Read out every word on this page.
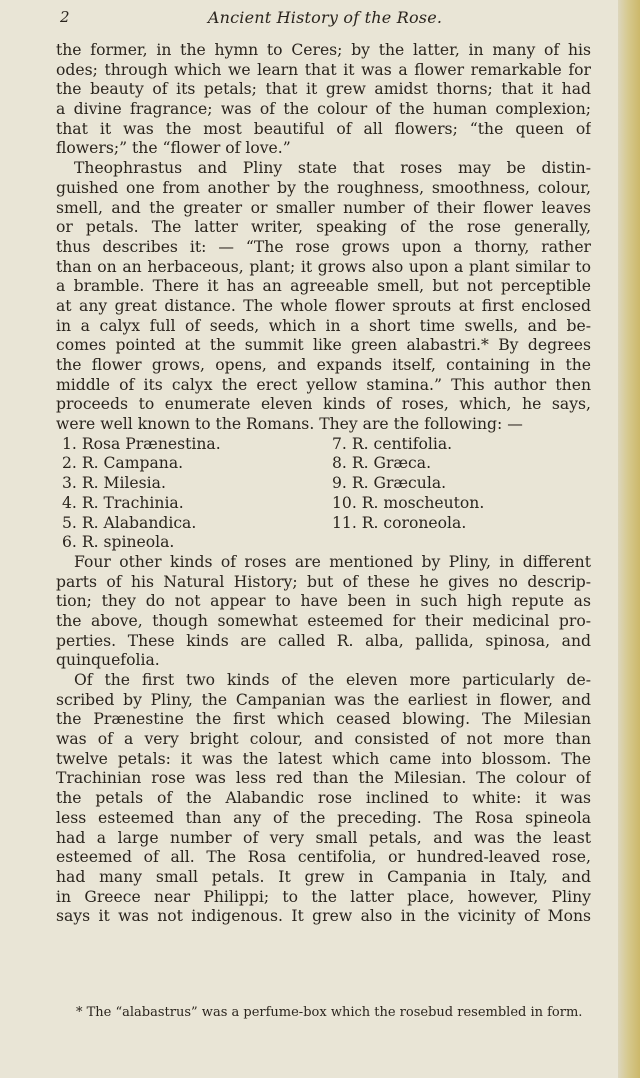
2	Ancient History of the Rose.
the former, in the hymn to Ceres; by the latter, in many of his
odes; through which we learn that it was a flower remarkable for
the beauty of its petals; that it grew amidst thorns; that it had
a divine fragrance; was of the colour of the human complexion;
that it was the most beautiful of all flowers; “the queen of
flowers;” the “flower of love.”
Theophrastus and Pliny state that roses may be distin-
guished one from another by the roughness, smoothness, colour,
smell, and the greater or smaller number of their flower leaves
or petals. The latter writer, speaking of the rose generally,
thus describes it: — “The rose grows upon a thorny, rather
than on an herbaceous, plant; it grows also upon a plant similar to
a bramble. There it has an agreeable smell, but not perceptible
at any great distance. The whole flower sprouts at first enclosed
in a calyx full of seeds, which in a short time swells, and be-
comes pointed at the summit like green alabastri.* By degrees
the flower grows, opens, and expands itself, containing in the
middle of its calyx the erect yellow stamina.” This author then
proceeds to enumerate eleven kinds of roses, which, he says,
were well known to the Romans. They are the following: —
1. Rosa Prænestina.	7. R. centifolia.
2. R. Campana.	8. R. Græca.
3. R. Milesia.	9. R. Græcula.
4. R. Trachinia.	10. R. moscheuton.
5. R. Alabandica.	11. R. coroneola.
6. R. spineola.
Four other kinds of roses are mentioned by Pliny, in different
parts of his Natural History; but of these he gives no descrip-
tion; they do not appear to have been in such high repute as
the above, though somewhat esteemed for their medicinal pro-
perties. These kinds are called R. alba, pallida, spinosa, and
quinquefolia.
Of the first two kinds of the eleven more particularly de-
scribed by Pliny, the Campanian was the earliest in flower, and
the Prænestine the first which ceased blowing. The Milesian
was of a very bright colour, and consisted of not more than
twelve petals: it was the latest which came into blossom. The
Trachinian rose was less red than the Milesian. The colour of
the petals of the Alabandic rose inclined to white: it was
less esteemed than any of the preceding. The Rosa spineola
had a large number of very small petals, and was the least
esteemed of all. The Rosa centifolia, or hundred-leaved rose,
had many small petals. It grew in Campania in Italy, and
in Greece near Philippi; to the latter place, however, Pliny
says it was not indigenous. It grew also in the vicinity of Mons
* The “alabastrus” was a perfume-box which the rosebud resembled in form.
